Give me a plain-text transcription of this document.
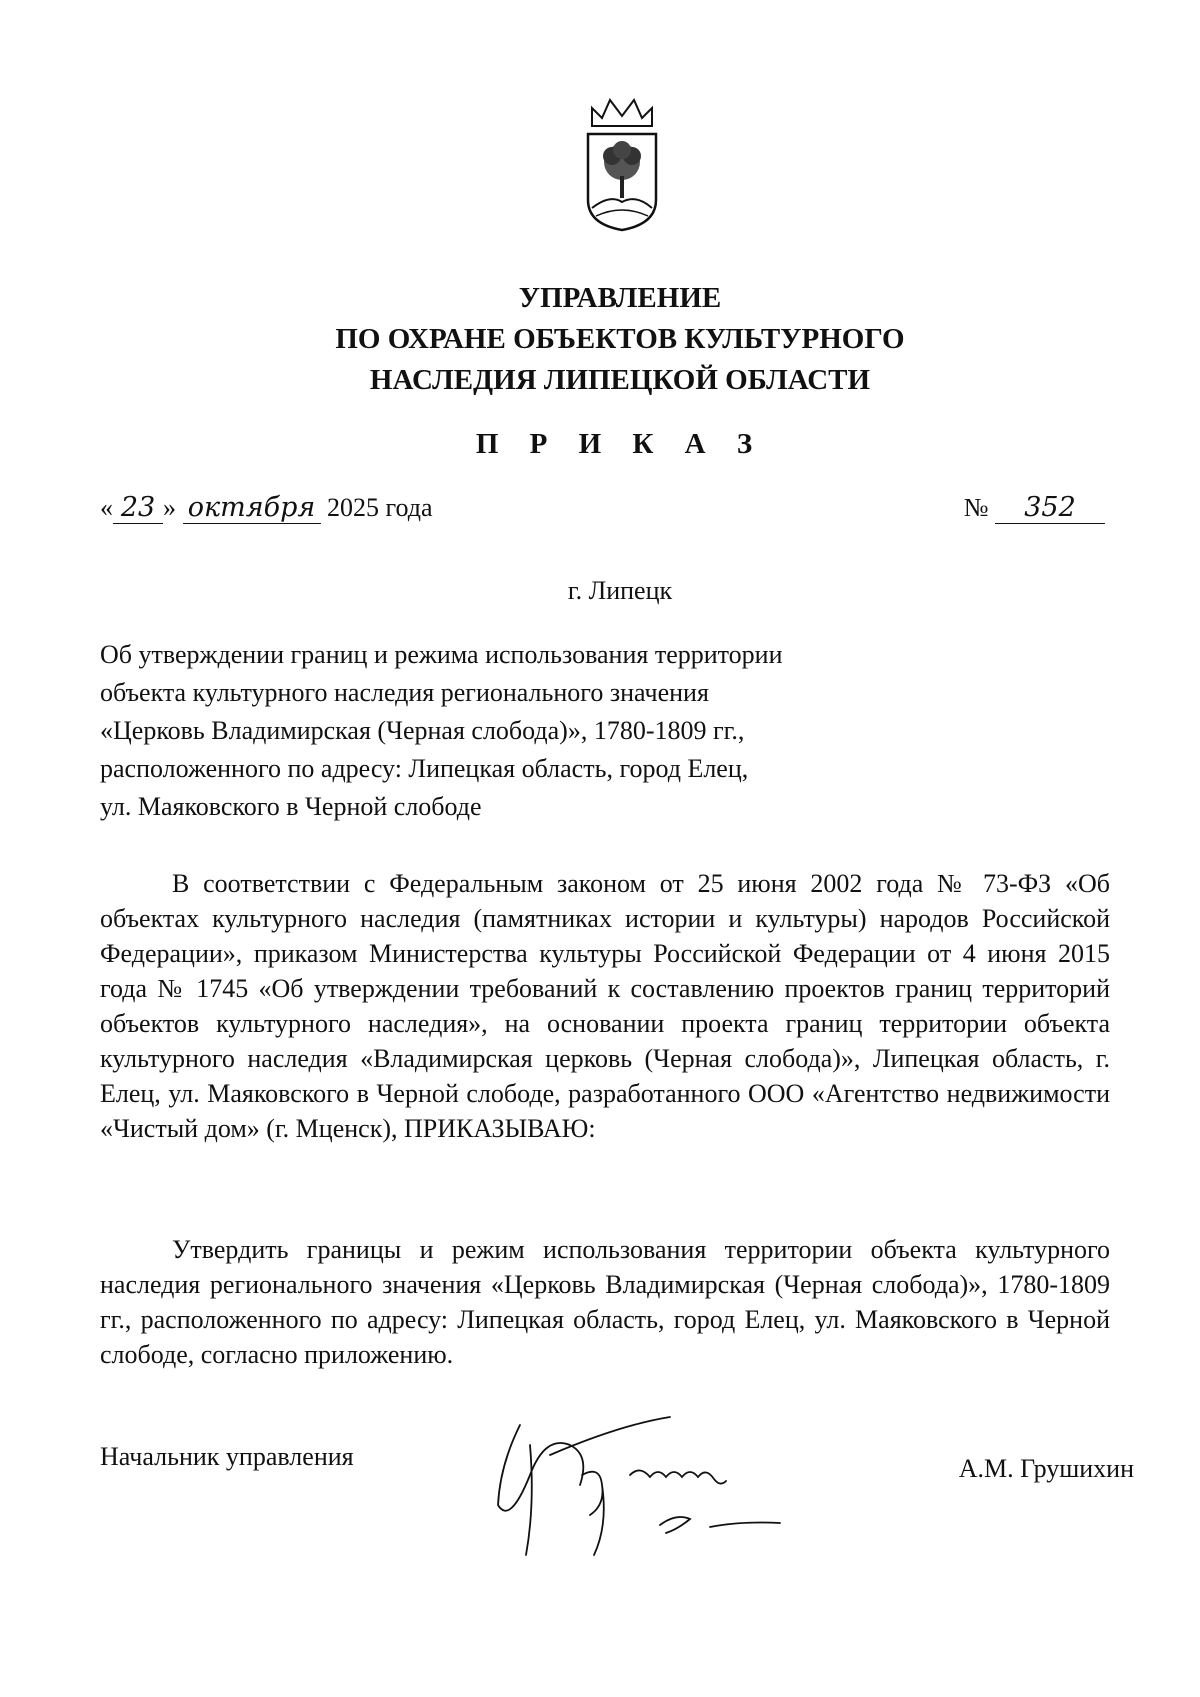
УПРАВЛЕНИЕ
ПО ОХРАНЕ ОБЪЕКТОВ КУЛЬТУРНОГО
НАСЛЕДИЯ ЛИПЕЦКОЙ ОБЛАСТИ
П Р И К А З
« 23 » октября 2025 года	№ 352
г. Липецк
Об утверждении границ и режима использования территории
объекта культурного наследия регионального значения
«Церковь Владимирская (Черная слобода)», 1780-1809 гг.,
расположенного по адресу: Липецкая область, город Елец,
ул. Маяковского в Черной слободе
В соответствии с Федеральным законом от 25 июня 2002 года № 73-ФЗ «Об объектах культурного наследия (памятниках истории и культуры) народов Российской Федерации», приказом Министерства культуры Российской Федерации от 4 июня 2015 года № 1745 «Об утверждении требований к составлению проектов границ территорий объектов культурного наследия», на основании проекта границ территории объекта культурного наследия «Владимирская церковь (Черная слобода)», Липецкая область, г. Елец, ул. Маяковского в Черной слободе, разработанного ООО «Агентство недвижимости «Чистый дом» (г. Мценск), ПРИКАЗЫВАЮ:
Утвердить границы и режим использования территории объекта культурного наследия регионального значения «Церковь Владимирская (Черная слобода)», 1780-1809 гг., расположенного по адресу: Липецкая область, город Елец, ул. Маяковского в Черной слободе, согласно приложению.
Начальник управления	А.М. Грушихин
